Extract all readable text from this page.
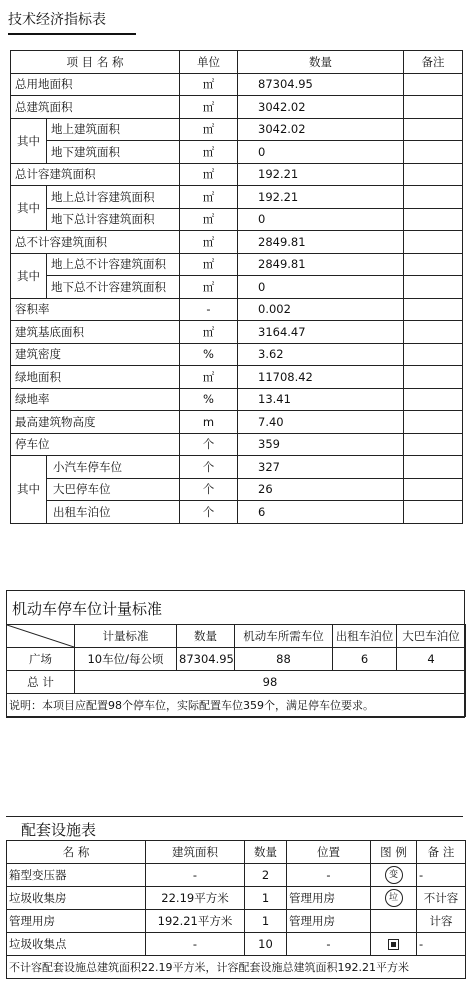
技术经济指标表
项 目 名 称		单位	数量	备注
总用地面积		㎡	87304.95	
总建筑面积		㎡	3042.02	
其中	地上建筑面积	㎡	3042.02	
	地下建筑面积	㎡	0	
总计容建筑面积		㎡	192.21	
其中	地上总计容建筑面积	㎡	192.21	
	地下总计容建筑面积	㎡	0	
总不计容建筑面积		㎡	2849.81	
其中	地上总不计容建筑面积	㎡	2849.81	
	地下总不计容建筑面积	㎡	0	
容积率		-	0.002	
建筑基底面积		㎡	3164.47	
建筑密度		%	3.62	
绿地面积		㎡	11708.42	
绿地率		%	13.41	
最高建筑物高度		m	7.40	
停车位		个	359	
其中	小汽车停车位	个	327	
	大巴停车位	个	26	
	出租车泊位	个	6	
机动车停车位计量标准
	计量标准	数量	机动车所需车位	出租车泊位	大巴车泊位
广场	10车位/每公顷	87304.95	88	6	4
总 计	98				
说明：本项目应配置98个停车位，实际配置车位359个，满足停车位要求。					
配套设施表
名 称	建筑面积	数量	位置	图 例	备 注
箱型变压器	-	2	-	变	-
垃圾收集房	22.19平方米	1	管理用房	垃	不计容
管理用房	192.21平方米	1	管理用房		计容
垃圾收集点	-	10	-		-
不计容配套设施总建筑面积22.19平方米，计容配套设施总建筑面积192.21平方米					
